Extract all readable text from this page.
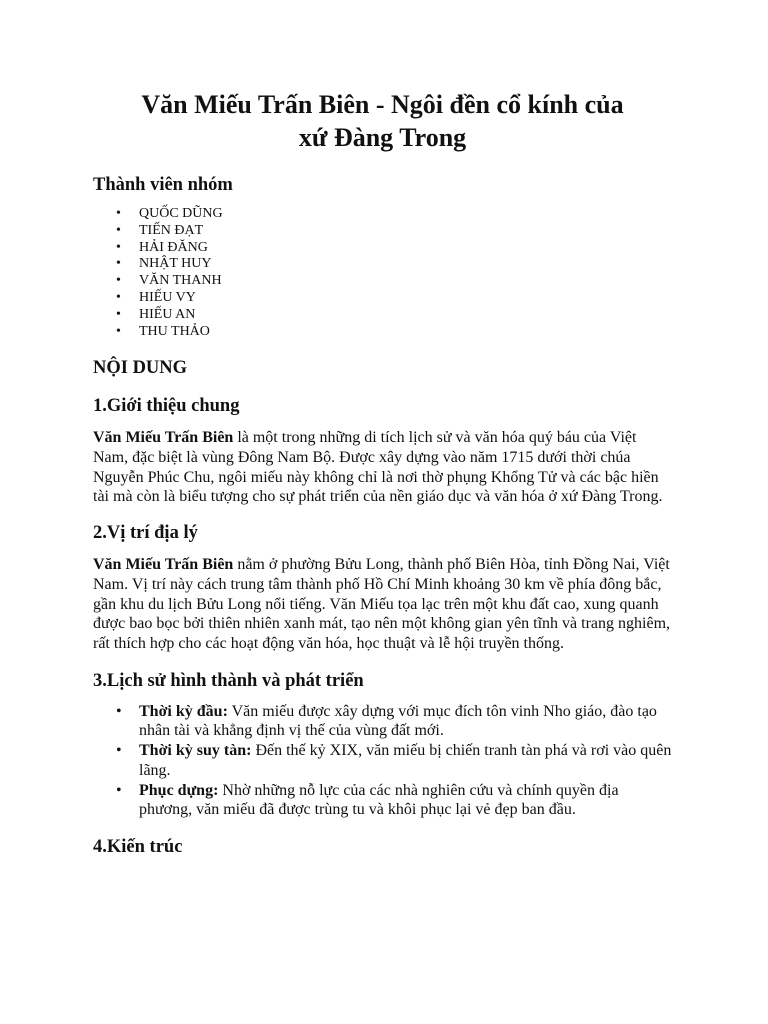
Văn Miếu Trấn Biên - Ngôi đền cổ kính của
xứ Đàng Trong
Thành viên nhóm
• QUỐC DŨNG
• TIẾN ĐẠT
• HẢI ĐĂNG
• NHẬT HUY
• VĂN THANH
• HIẾU VY
• HIẾU AN
• THU THẢO
NỘI DUNG
1.Giới thiệu chung

Văn Miếu Trấn Biên là một trong những di tích lịch sử và văn hóa quý báu của Việt Nam, đặc biệt là vùng Đông Nam Bộ. Được xây dựng vào năm 1715 dưới thời chúa Nguyễn Phúc Chu, ngôi miếu này không chỉ là nơi thờ phụng Khổng Tử và các bậc hiền tài mà còn là biểu tượng cho sự phát triển của nền giáo dục và văn hóa ở xứ Đàng Trong.

2.Vị trí địa lý

Văn Miếu Trấn Biên nằm ở phường Bửu Long, thành phố Biên Hòa, tỉnh Đồng Nai, Việt Nam. Vị trí này cách trung tâm thành phố Hồ Chí Minh khoảng 30 km về phía đông bắc, gần khu du lịch Bửu Long nổi tiếng. Văn Miếu tọa lạc trên một khu đất cao, xung quanh được bao bọc bởi thiên nhiên xanh mát, tạo nên một không gian yên tĩnh và trang nghiêm, rất thích hợp cho các hoạt động văn hóa, học thuật và lễ hội truyền thống.

3.Lịch sử hình thành và phát triển
• Thời kỳ đầu: Văn miếu được xây dựng với mục đích tôn vinh Nho giáo, đào tạo nhân tài và khẳng định vị thế của vùng đất mới.
• Thời kỳ suy tàn: Đến thế kỷ XIX, văn miếu bị chiến tranh tàn phá và rơi vào quên lãng.
• Phục dựng: Nhờ những nỗ lực của các nhà nghiên cứu và chính quyền địa phương, văn miếu đã được trùng tu và khôi phục lại vẻ đẹp ban đầu.
4.Kiến trúc
